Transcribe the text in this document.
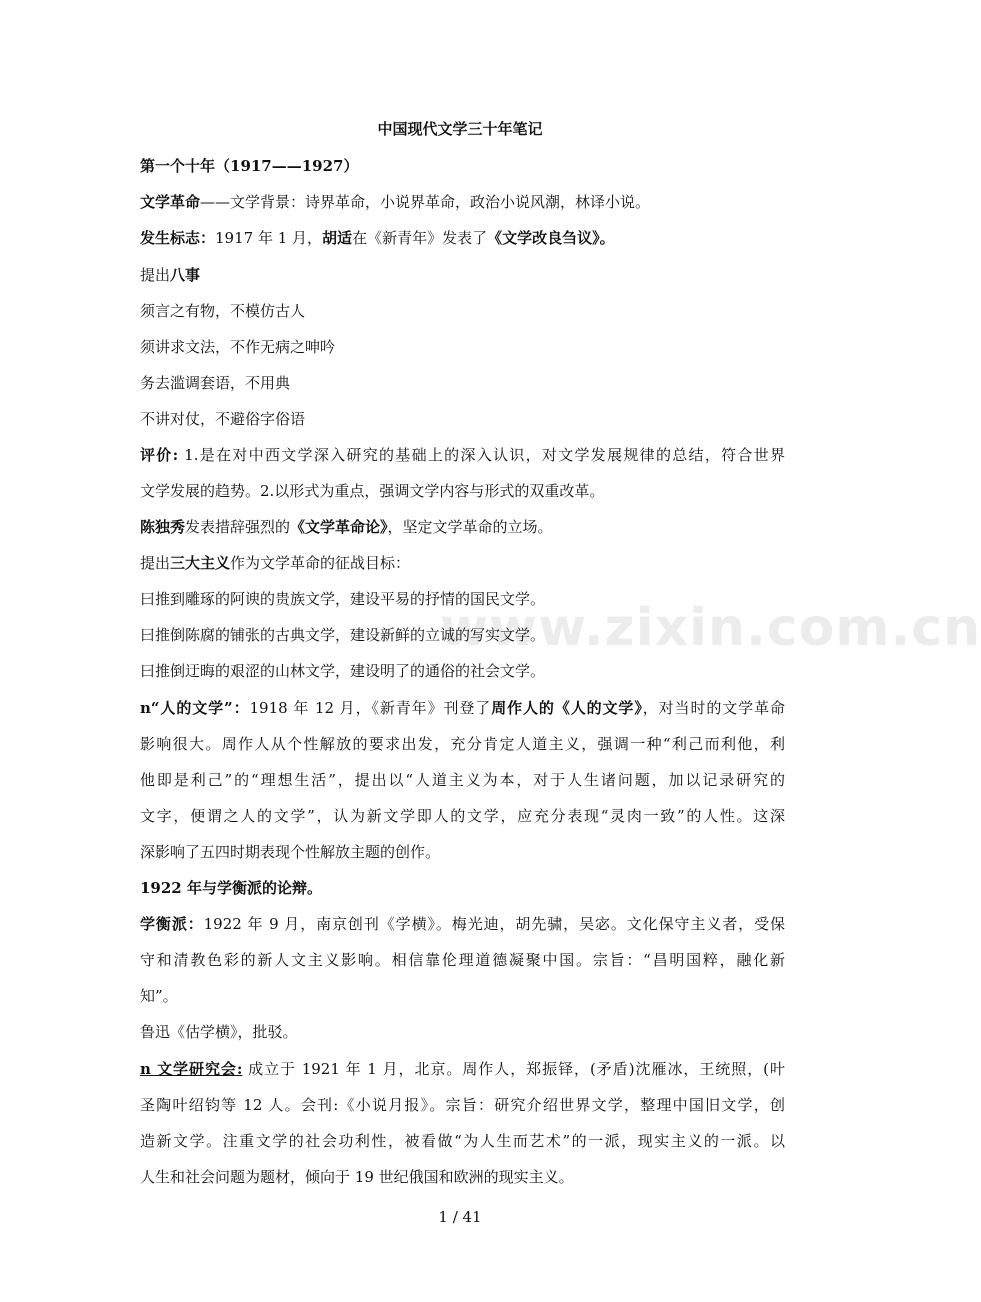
www.zixin.com.cn
中国现代文学三十年笔记
第一个十年（1917——1927）
文学革命——文学背景：诗界革命，小说界革命，政治小说风潮，林译小说。
发生标志：1917 年 1 月，胡适在《新青年》发表了《文学改良刍议》。
提出八事
须言之有物，不模仿古人
须讲求文法，不作无病之呻吟
务去滥调套语，不用典
不讲对仗，不避俗字俗语
评价: 1.是在对中西文学深入研究的基础上的深入认识，对文学发展规律的总结，符合世界
文学发展的趋势。2.以形式为重点，强调文学内容与形式的双重改革。
陈独秀发表措辞强烈的《文学革命论》，坚定文学革命的立场。
提出三大主义作为文学革命的征战目标：
曰推到雕琢的阿谀的贵族文学，建设平易的抒情的国民文学。
曰推倒陈腐的铺张的古典文学，建设新鲜的立诚的写实文学。
曰推倒迂晦的艰涩的山林文学，建设明了的通俗的社会文学。
n“人的文学”：1918 年 12 月，《新青年》刊登了周作人的《人的文学》，对当时的文学革命
影响很大。周作人从个性解放的要求出发，充分肯定人道主义，强调一种“利己而利他，利
他即是利己”的“理想生活”，提出以“人道主义为本，对于人生诸问题，加以记录研究的
文字，便谓之人的文学”，认为新文学即人的文学，应充分表现“灵肉一致”的人性。这深
深影响了五四时期表现个性解放主题的创作。
1922 年与学衡派的论辩。
学衡派：1922 年 9 月，南京创刊《学横》。梅光迪，胡先骕，吴宓。文化保守主义者，受保
守和清教色彩的新人文主义影响。相信靠伦理道德凝聚中国。宗旨：“昌明国粹，融化新
知”。
鲁迅《估学横》，批驳。
n 文学研究会: 成立于 1921 年 1 月，北京。周作人，郑振铎，(矛盾)沈雁冰，王统照，(叶
圣陶叶绍钧等 12 人。会刊:《小说月报》。宗旨：研究介绍世界文学，整理中国旧文学，创
造新文学。注重文学的社会功利性，被看做“为人生而艺术”的一派，现实主义的一派。以
人生和社会问题为题材，倾向于 19 世纪俄国和欧洲的现实主义。
1 / 41
